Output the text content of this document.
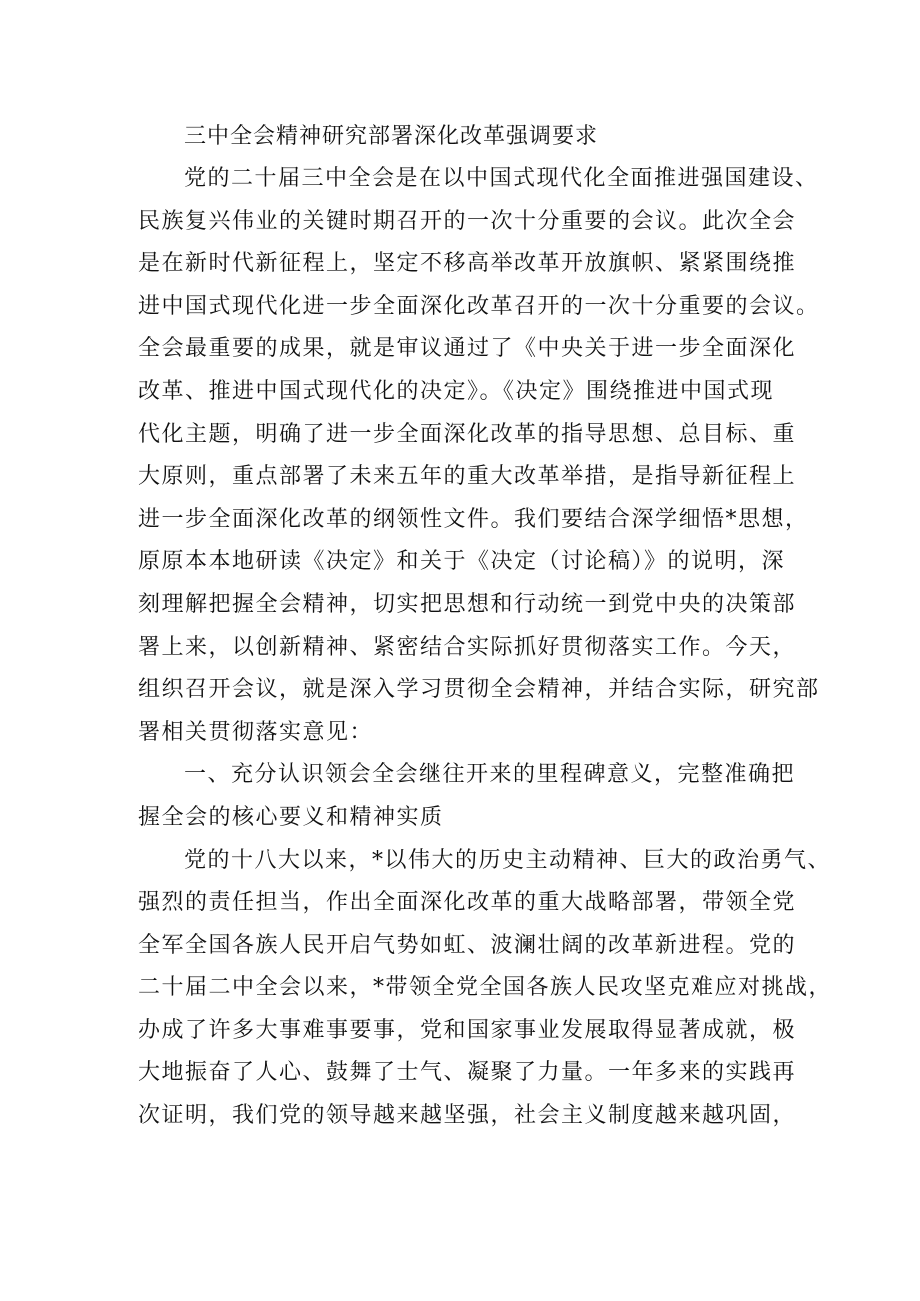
三中全会精神研究部署深化改革强调要求
党的二十届三中全会是在以中国式现代化全面推进强国建设、
民族复兴伟业的关键时期召开的一次十分重要的会议。此次全会
是在新时代新征程上，坚定不移高举改革开放旗帜、紧紧围绕推
进中国式现代化进一步全面深化改革召开的一次十分重要的会议。
全会最重要的成果，就是审议通过了《中央关于进一步全面深化
改革、推进中国式现代化的决定》。《决定》围绕推进中国式现
代化主题，明确了进一步全面深化改革的指导思想、总目标、重
大原则，重点部署了未来五年的重大改革举措，是指导新征程上
进一步全面深化改革的纲领性文件。我们要结合深学细悟*思想，
原原本本地研读《决定》和关于《决定（讨论稿）》的说明，深
刻理解把握全会精神，切实把思想和行动统一到党中央的决策部
署上来，以创新精神、紧密结合实际抓好贯彻落实工作。今天，
组织召开会议，就是深入学习贯彻全会精神，并结合实际，研究部
署相关贯彻落实意见：
一、充分认识领会全会继往开来的里程碑意义，完整准确把
握全会的核心要义和精神实质
党的十八大以来，*以伟大的历史主动精神、巨大的政治勇气、
强烈的责任担当，作出全面深化改革的重大战略部署，带领全党
全军全国各族人民开启气势如虹、波澜壮阔的改革新进程。党的
二十届二中全会以来，*带领全党全国各族人民攻坚克难应对挑战，
办成了许多大事难事要事，党和国家事业发展取得显著成就，极
大地振奋了人心、鼓舞了士气、凝聚了力量。一年多来的实践再
次证明，我们党的领导越来越坚强，社会主义制度越来越巩固，
